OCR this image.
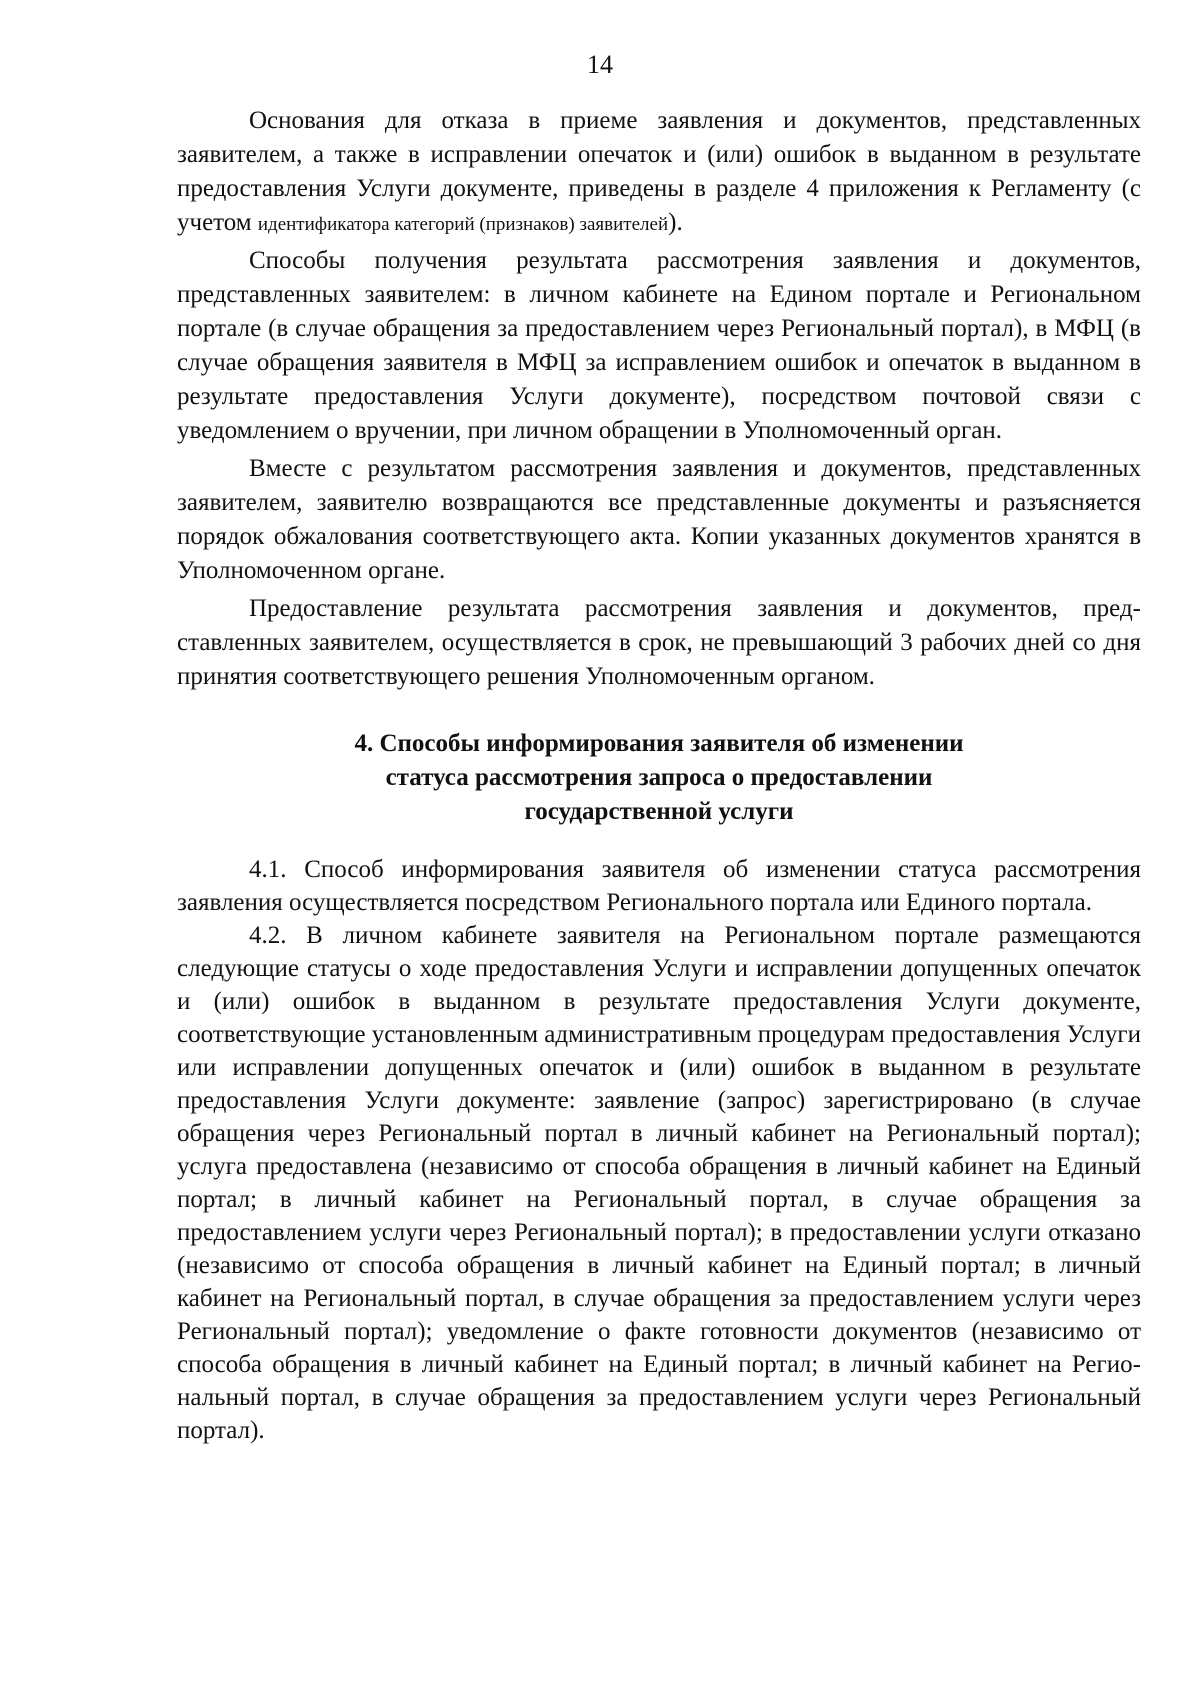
14

Основания для отказа в приеме заявления и документов, представленных заявителем, а также в исправлении опечаток и (или) ошибок в выданном в результате предоставления Услуги документе, приведены в разделе 4 приложения к Регламенту (с учетом идентификатора категорий (признаков) заявителей).

Способы получения результата рассмотрения заявления и документов, представленных заявителем: в личном кабинете на Едином портале и Региональном портале (в случае обращения за предоставлением через Региональный портал), в МФЦ (в случае обращения заявителя в МФЦ за исправлением ошибок и опечаток в выданном в результате предоставления Услуги документе), посредством почтовой связи с уведомлением о вручении, при личном обращении в Уполномоченный орган.

Вместе с результатом рассмотрения заявления и документов, представленных заявителем, заявителю возвращаются все представленные документы и разъясняется порядок обжалования соответствующего акта. Копии указанных документов хранятся в Уполномоченном органе.

Предоставление результата рассмотрения заявления и документов, представленных заявителем, осуществляется в срок, не превышающий 3 рабочих дней со дня принятия соответствующего решения Уполномоченным органом.

4. Способы информирования заявителя об изменении
статуса рассмотрения запроса о предоставлении
государственной услуги

4.1. Способ информирования заявителя об изменении статуса рассмотрения заявления осуществляется посредством Регионального портала или Единого портала.

4.2. В личном кабинете заявителя на Региональном портале размещаются следующие статусы о ходе предоставления Услуги и исправлении допущенных опечаток и (или) ошибок в выданном в результате предоставления Услуги документе, соответствующие установленным административным процедурам предоставления Услуги или исправлении допущенных опечаток и (или) ошибок в выданном в результате предоставления Услуги документе: заявление (запрос) зарегистрировано (в случае обращения через Региональный портал в личный кабинет на Региональный портал); услуга предоставлена (независимо от способа обращения в личный кабинет на Единый портал; в личный кабинет на Региональный портал, в случае обращения за предоставлением услуги через Региональный портал); в предоставлении услуги отказано (независимо от способа обращения в личный кабинет на Единый портал; в личный кабинет на Региональный портал, в случае обращения за предоставлением услуги через Региональный портал); уведомление о факте готовности документов (независимо от способа обращения в личный кабинет на Единый портал; в личный кабинет на Региональный портал, в случае обращения за предоставлением услуги через Региональный портал).
